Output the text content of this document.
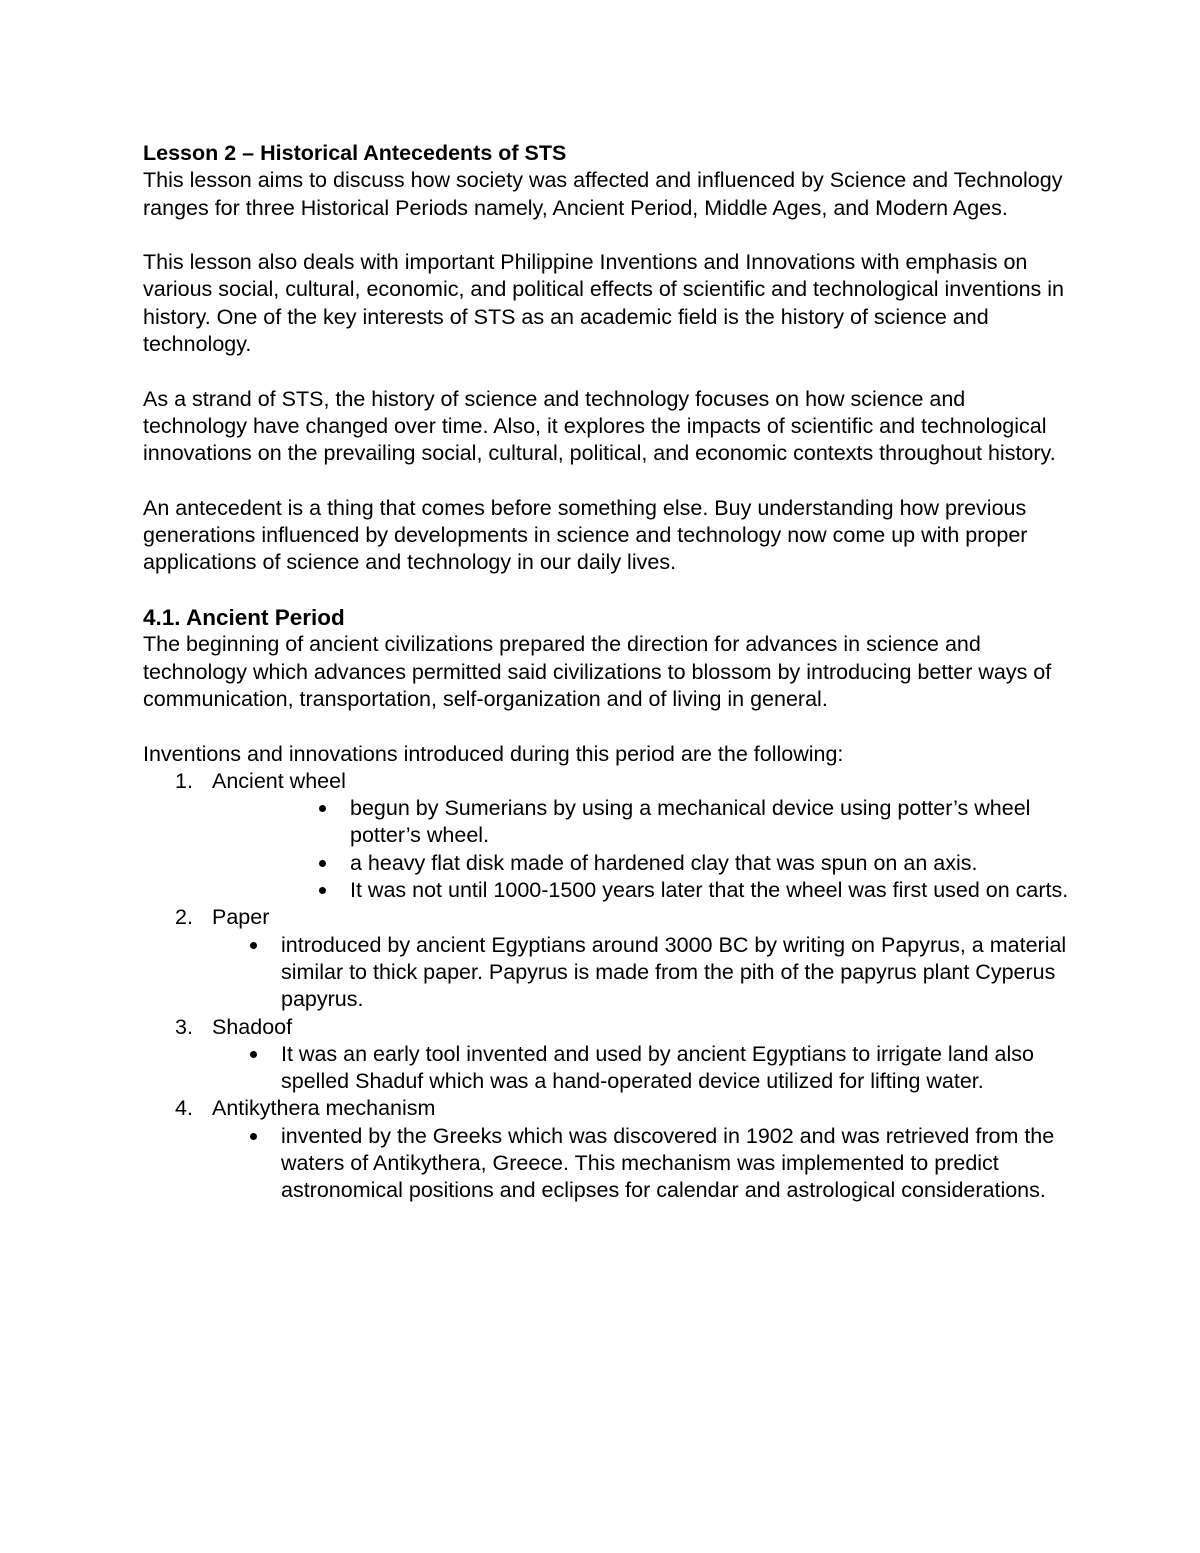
Lesson 2 – Historical Antecedents of STS

This lesson aims to discuss how society was affected and influenced by Science and Technology ranges for three Historical Periods namely, Ancient Period, Middle Ages, and Modern Ages.

This lesson also deals with important Philippine Inventions and Innovations with emphasis on various social, cultural, economic, and political effects of scientific and technological inventions in history. One of the key interests of STS as an academic field is the history of science and technology.

As a strand of STS, the history of science and technology focuses on how science and technology have changed over time. Also, it explores the impacts of scientific and technological innovations on the prevailing social, cultural, political, and economic contexts throughout history.

An antecedent is a thing that comes before something else. Buy understanding how previous generations influenced by developments in science and technology now come up with proper applications of science and technology in our daily lives.

4.1. Ancient Period

The beginning of ancient civilizations prepared the direction for advances in science and technology which advances permitted said civilizations to blossom by introducing better ways of communication, transportation, self-organization and of living in general.

Inventions and innovations introduced during this period are the following:

1. Ancient wheel
begun by Sumerians by using a mechanical device using potter’s wheel potter’s wheel.
a heavy flat disk made of hardened clay that was spun on an axis.
It was not until 1000-1500 years later that the wheel was first used on carts.
2. Paper
introduced by ancient Egyptians around 3000 BC by writing on Papyrus, a material similar to thick paper. Papyrus is made from the pith of the papyrus plant Cyperus papyrus.
3. Shadoof
It was an early tool invented and used by ancient Egyptians to irrigate land also spelled Shaduf which was a hand-operated device utilized for lifting water.
4. Antikythera mechanism
invented by the Greeks which was discovered in 1902 and was retrieved from the waters of Antikythera, Greece. This mechanism was implemented to predict astronomical positions and eclipses for calendar and astrological considerations.
